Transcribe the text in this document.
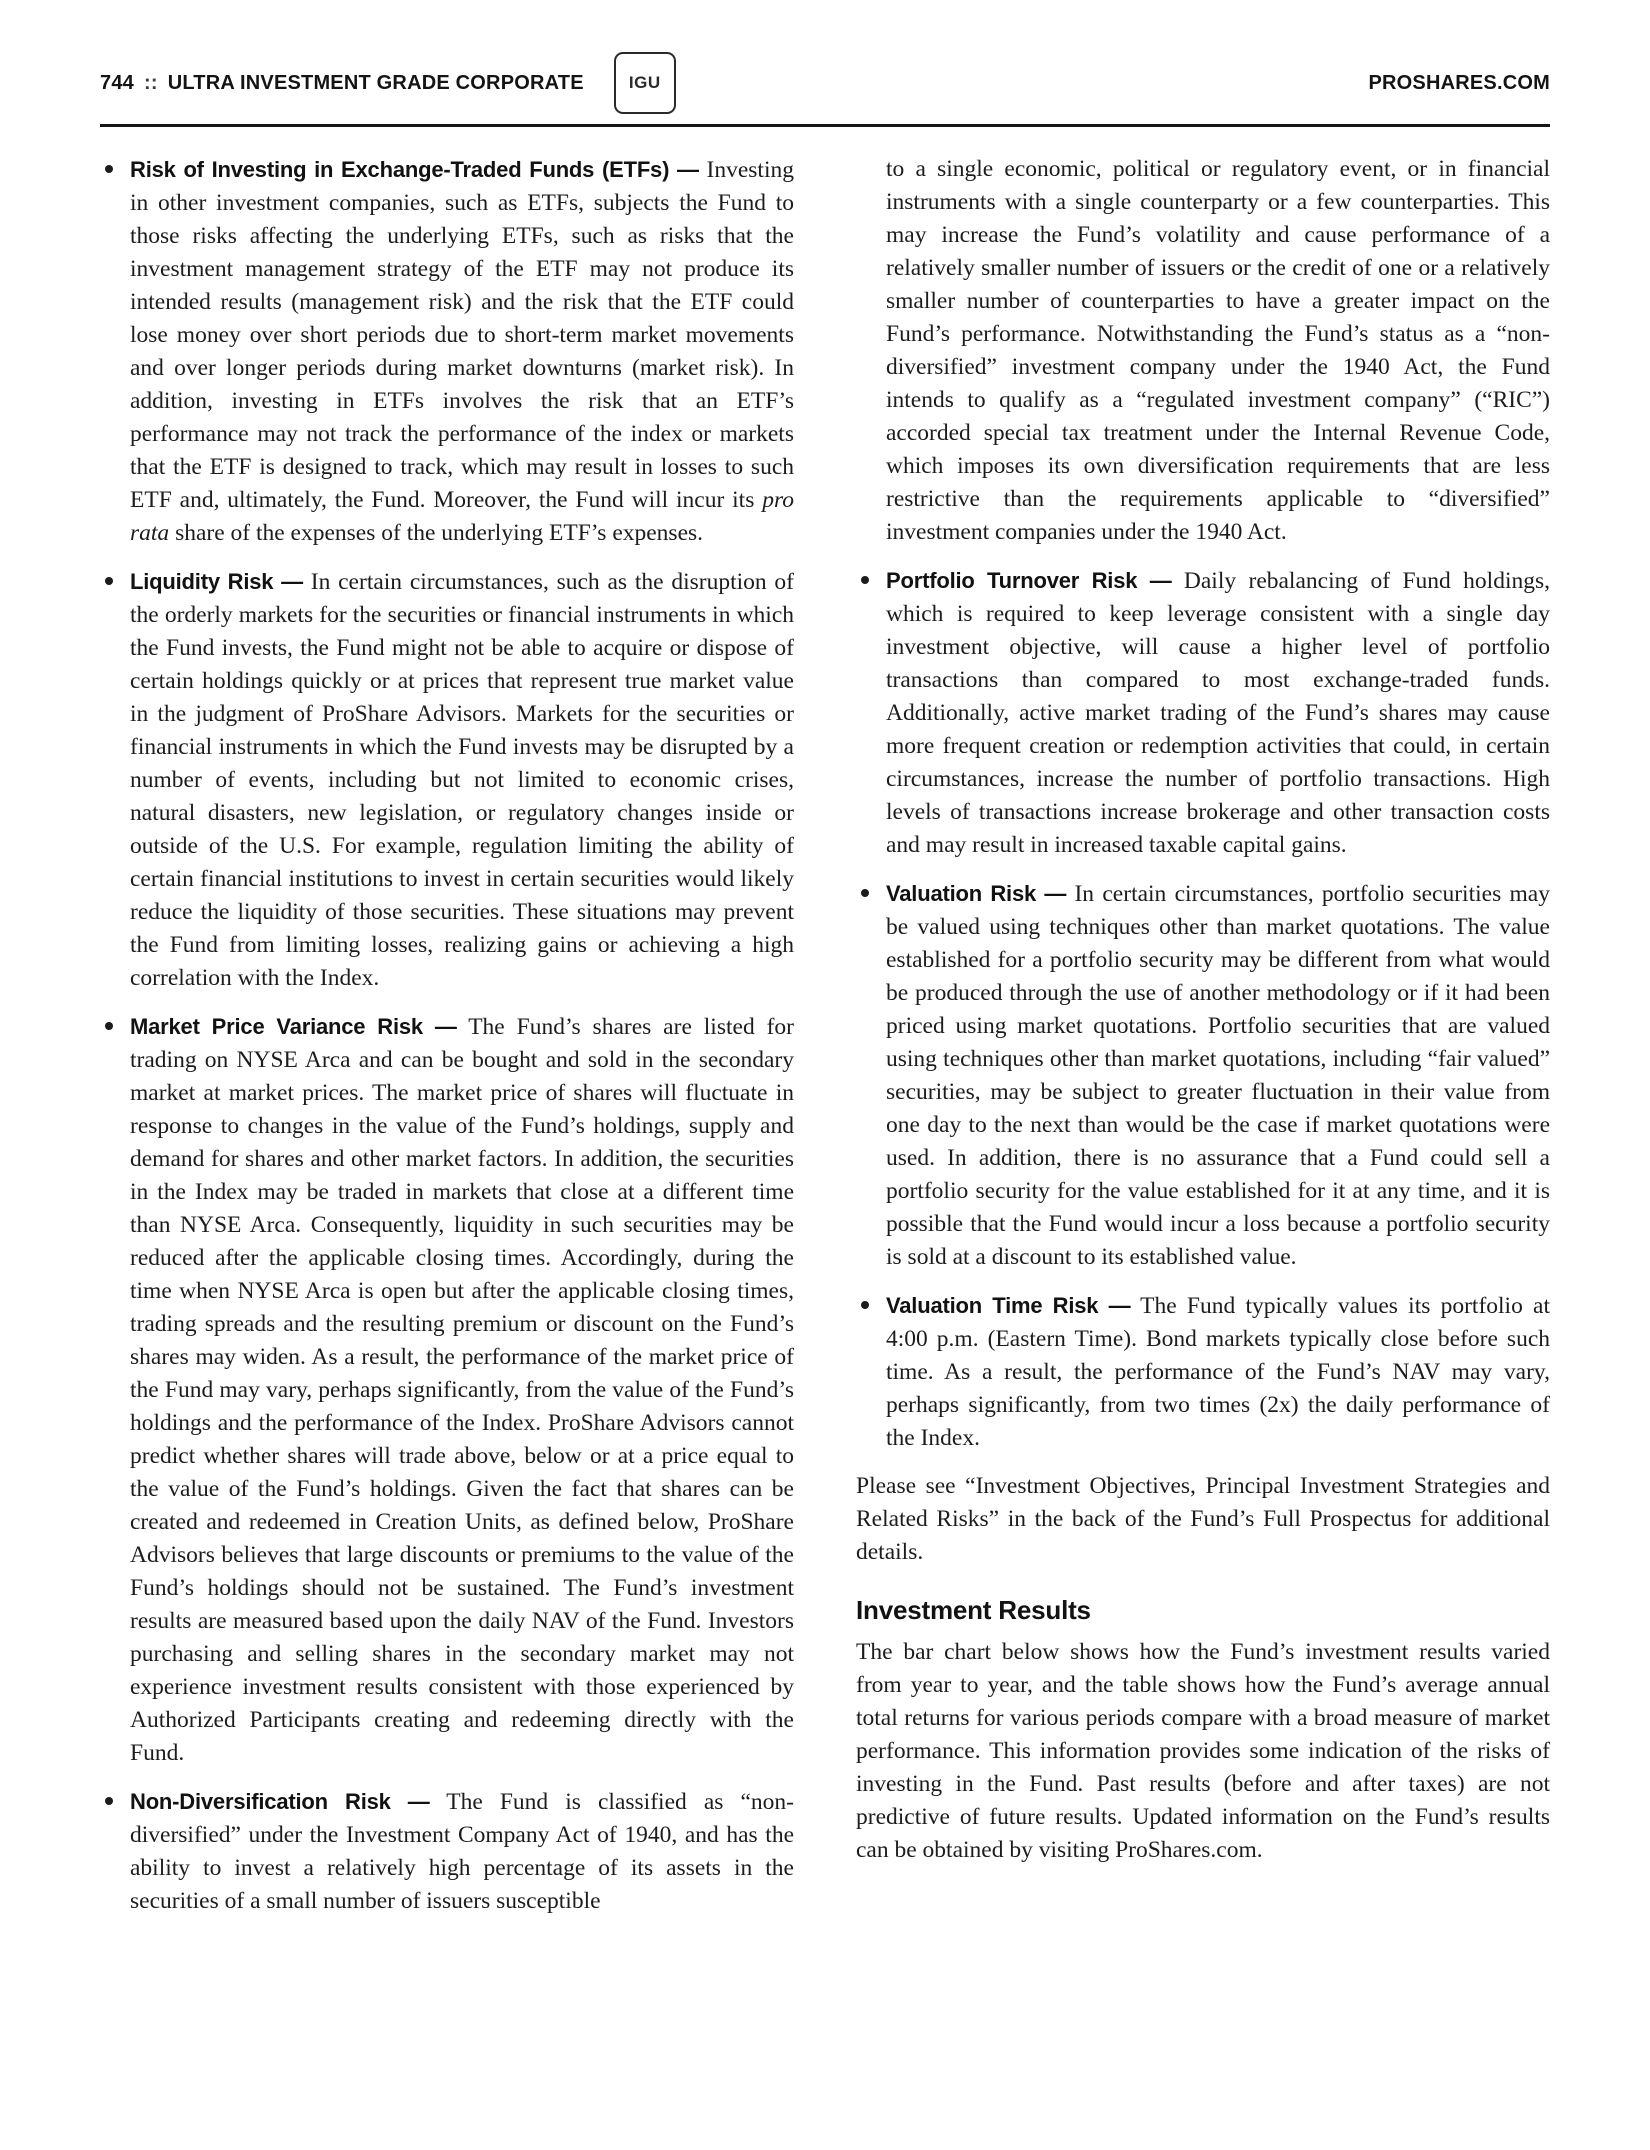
744 :: ULTRA INVESTMENT GRADE CORPORATE	IGU	PROSHARES.COM
Risk of Investing in Exchange-Traded Funds (ETFs) — Investing in other investment companies, such as ETFs, subjects the Fund to those risks affecting the underlying ETFs, such as risks that the investment management strategy of the ETF may not produce its intended results (management risk) and the risk that the ETF could lose money over short periods due to short-term market movements and over longer periods during market downturns (market risk). In addition, investing in ETFs involves the risk that an ETF’s performance may not track the performance of the index or markets that the ETF is designed to track, which may result in losses to such ETF and, ultimately, the Fund. Moreover, the Fund will incur its pro rata share of the expenses of the underlying ETF’s expenses.
Liquidity Risk — In certain circumstances, such as the disruption of the orderly markets for the securities or financial instruments in which the Fund invests, the Fund might not be able to acquire or dispose of certain holdings quickly or at prices that represent true market value in the judgment of ProShare Advisors. Markets for the securities or financial instruments in which the Fund invests may be disrupted by a number of events, including but not limited to economic crises, natural disasters, new legislation, or regulatory changes inside or outside of the U.S. For example, regulation limiting the ability of certain financial institutions to invest in certain securities would likely reduce the liquidity of those securities. These situations may prevent the Fund from limiting losses, realizing gains or achieving a high correlation with the Index.
Market Price Variance Risk — The Fund’s shares are listed for trading on NYSE Arca and can be bought and sold in the secondary market at market prices. The market price of shares will fluctuate in response to changes in the value of the Fund’s holdings, supply and demand for shares and other market factors. In addition, the securities in the Index may be traded in markets that close at a different time than NYSE Arca. Consequently, liquidity in such securities may be reduced after the applicable closing times. Accordingly, during the time when NYSE Arca is open but after the applicable closing times, trading spreads and the resulting premium or discount on the Fund’s shares may widen. As a result, the performance of the market price of the Fund may vary, perhaps significantly, from the value of the Fund’s holdings and the performance of the Index. ProShare Advisors cannot predict whether shares will trade above, below or at a price equal to the value of the Fund’s holdings. Given the fact that shares can be created and redeemed in Creation Units, as defined below, ProShare Advisors believes that large discounts or premiums to the value of the Fund’s holdings should not be sustained. The Fund’s investment results are measured based upon the daily NAV of the Fund. Investors purchasing and selling shares in the secondary market may not experience investment results consistent with those experienced by Authorized Participants creating and redeeming directly with the Fund.
Non-Diversification Risk — The Fund is classified as “non-diversified” under the Investment Company Act of 1940, and has the ability to invest a relatively high percentage of its assets in the securities of a small number of issuers susceptible
to a single economic, political or regulatory event, or in financial instruments with a single counterparty or a few counterparties. This may increase the Fund’s volatility and cause performance of a relatively smaller number of issuers or the credit of one or a relatively smaller number of counterparties to have a greater impact on the Fund’s performance. Notwithstanding the Fund’s status as a “non-diversified” investment company under the 1940 Act, the Fund intends to qualify as a “regulated investment company” (“RIC”) accorded special tax treatment under the Internal Revenue Code, which imposes its own diversification requirements that are less restrictive than the requirements applicable to “diversified” investment companies under the 1940 Act.
Portfolio Turnover Risk — Daily rebalancing of Fund holdings, which is required to keep leverage consistent with a single day investment objective, will cause a higher level of portfolio transactions than compared to most exchange-traded funds. Additionally, active market trading of the Fund’s shares may cause more frequent creation or redemption activities that could, in certain circumstances, increase the number of portfolio transactions. High levels of transactions increase brokerage and other transaction costs and may result in increased taxable capital gains.
Valuation Risk — In certain circumstances, portfolio securities may be valued using techniques other than market quotations. The value established for a portfolio security may be different from what would be produced through the use of another methodology or if it had been priced using market quotations. Portfolio securities that are valued using techniques other than market quotations, including “fair valued” securities, may be subject to greater fluctuation in their value from one day to the next than would be the case if market quotations were used. In addition, there is no assurance that a Fund could sell a portfolio security for the value established for it at any time, and it is possible that the Fund would incur a loss because a portfolio security is sold at a discount to its established value.
Valuation Time Risk — The Fund typically values its portfolio at 4:00 p.m. (Eastern Time). Bond markets typically close before such time. As a result, the performance of the Fund’s NAV may vary, perhaps significantly, from two times (2x) the daily performance of the Index.
Please see “Investment Objectives, Principal Investment Strategies and Related Risks” in the back of the Fund’s Full Prospectus for additional details.
Investment Results
The bar chart below shows how the Fund’s investment results varied from year to year, and the table shows how the Fund’s average annual total returns for various periods compare with a broad measure of market performance. This information provides some indication of the risks of investing in the Fund. Past results (before and after taxes) are not predictive of future results. Updated information on the Fund’s results can be obtained by visiting ProShares.com.
